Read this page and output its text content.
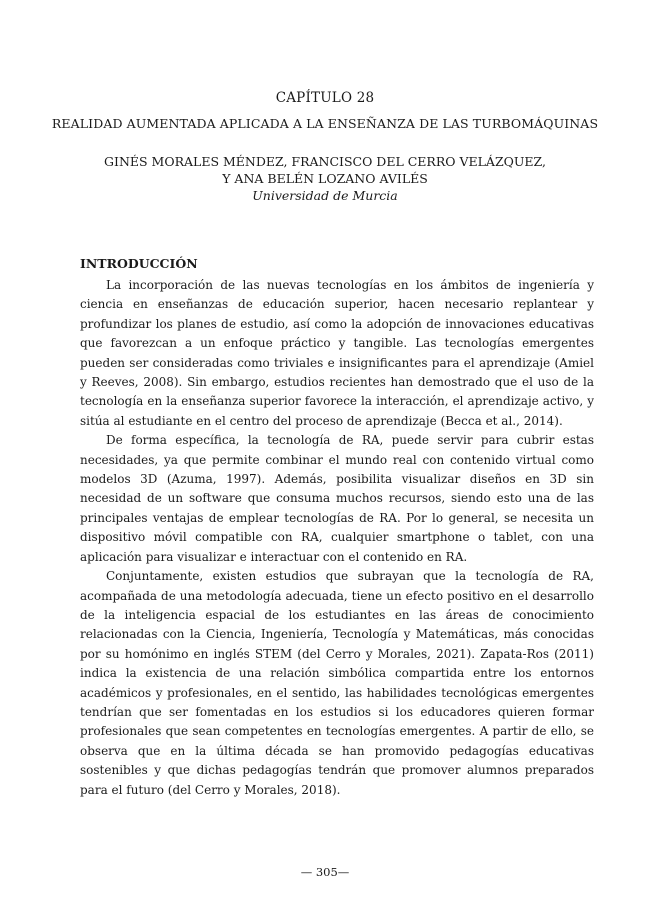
CAPÍTULO 28
REALIDAD AUMENTADA APLICADA A LA ENSEÑANZA DE LAS TURBOMÁQUINAS
GINÉS MORALES MÉNDEZ, FRANCISCO DEL CERRO VELÁZQUEZ,
Y ANA BELÉN LOZANO AVILÉS
Universidad de Murcia
INTRODUCCIÓN

La incorporación de las nuevas tecnologías en los ámbitos de ingeniería y ciencia en enseñanzas de educación superior, hacen necesario replantear y profundizar los planes de estudio, así como la adopción de innovaciones educativas que favorezcan a un enfoque práctico y tangible. Las tecnologías emergentes pueden ser consideradas como triviales e insignificantes para el aprendizaje (Amiel y Reeves, 2008). Sin embargo, estudios recientes han demostrado que el uso de la tecnología en la enseñanza superior favorece la interacción, el aprendizaje activo, y sitúa al estudiante en el centro del proceso de aprendizaje (Becca et al., 2014).

De forma específica, la tecnología de RA, puede servir para cubrir estas necesidades, ya que permite combinar el mundo real con contenido virtual como modelos 3D (Azuma, 1997). Además, posibilita visualizar diseños en 3D sin necesidad de un software que consuma muchos recursos, siendo esto una de las principales ventajas de emplear tecnologías de RA. Por lo general, se necesita un dispositivo móvil compatible con RA, cualquier smartphone o tablet, con una aplicación para visualizar e interactuar con el contenido en RA.

Conjuntamente, existen estudios que subrayan que la tecnología de RA, acompañada de una metodología adecuada, tiene un efecto positivo en el desarrollo de la inteligencia espacial de los estudiantes en las áreas de conocimiento relacionadas con la Ciencia, Ingeniería, Tecnología y Matemáticas, más conocidas por su homónimo en inglés STEM (del Cerro y Morales, 2021). Zapata-Ros (2011) indica la existencia de una relación simbólica compartida entre los entornos académicos y profesionales, en el sentido, las habilidades tecnológicas emergentes tendrían que ser fomentadas en los estudios si los educadores quieren formar profesionales que sean competentes en tecnologías emergentes. A partir de ello, se observa que en la última década se han promovido pedagogías educativas sostenibles y que dichas pedagogías tendrán que promover alumnos preparados para el futuro (del Cerro y Morales, 2018).

— 305—
